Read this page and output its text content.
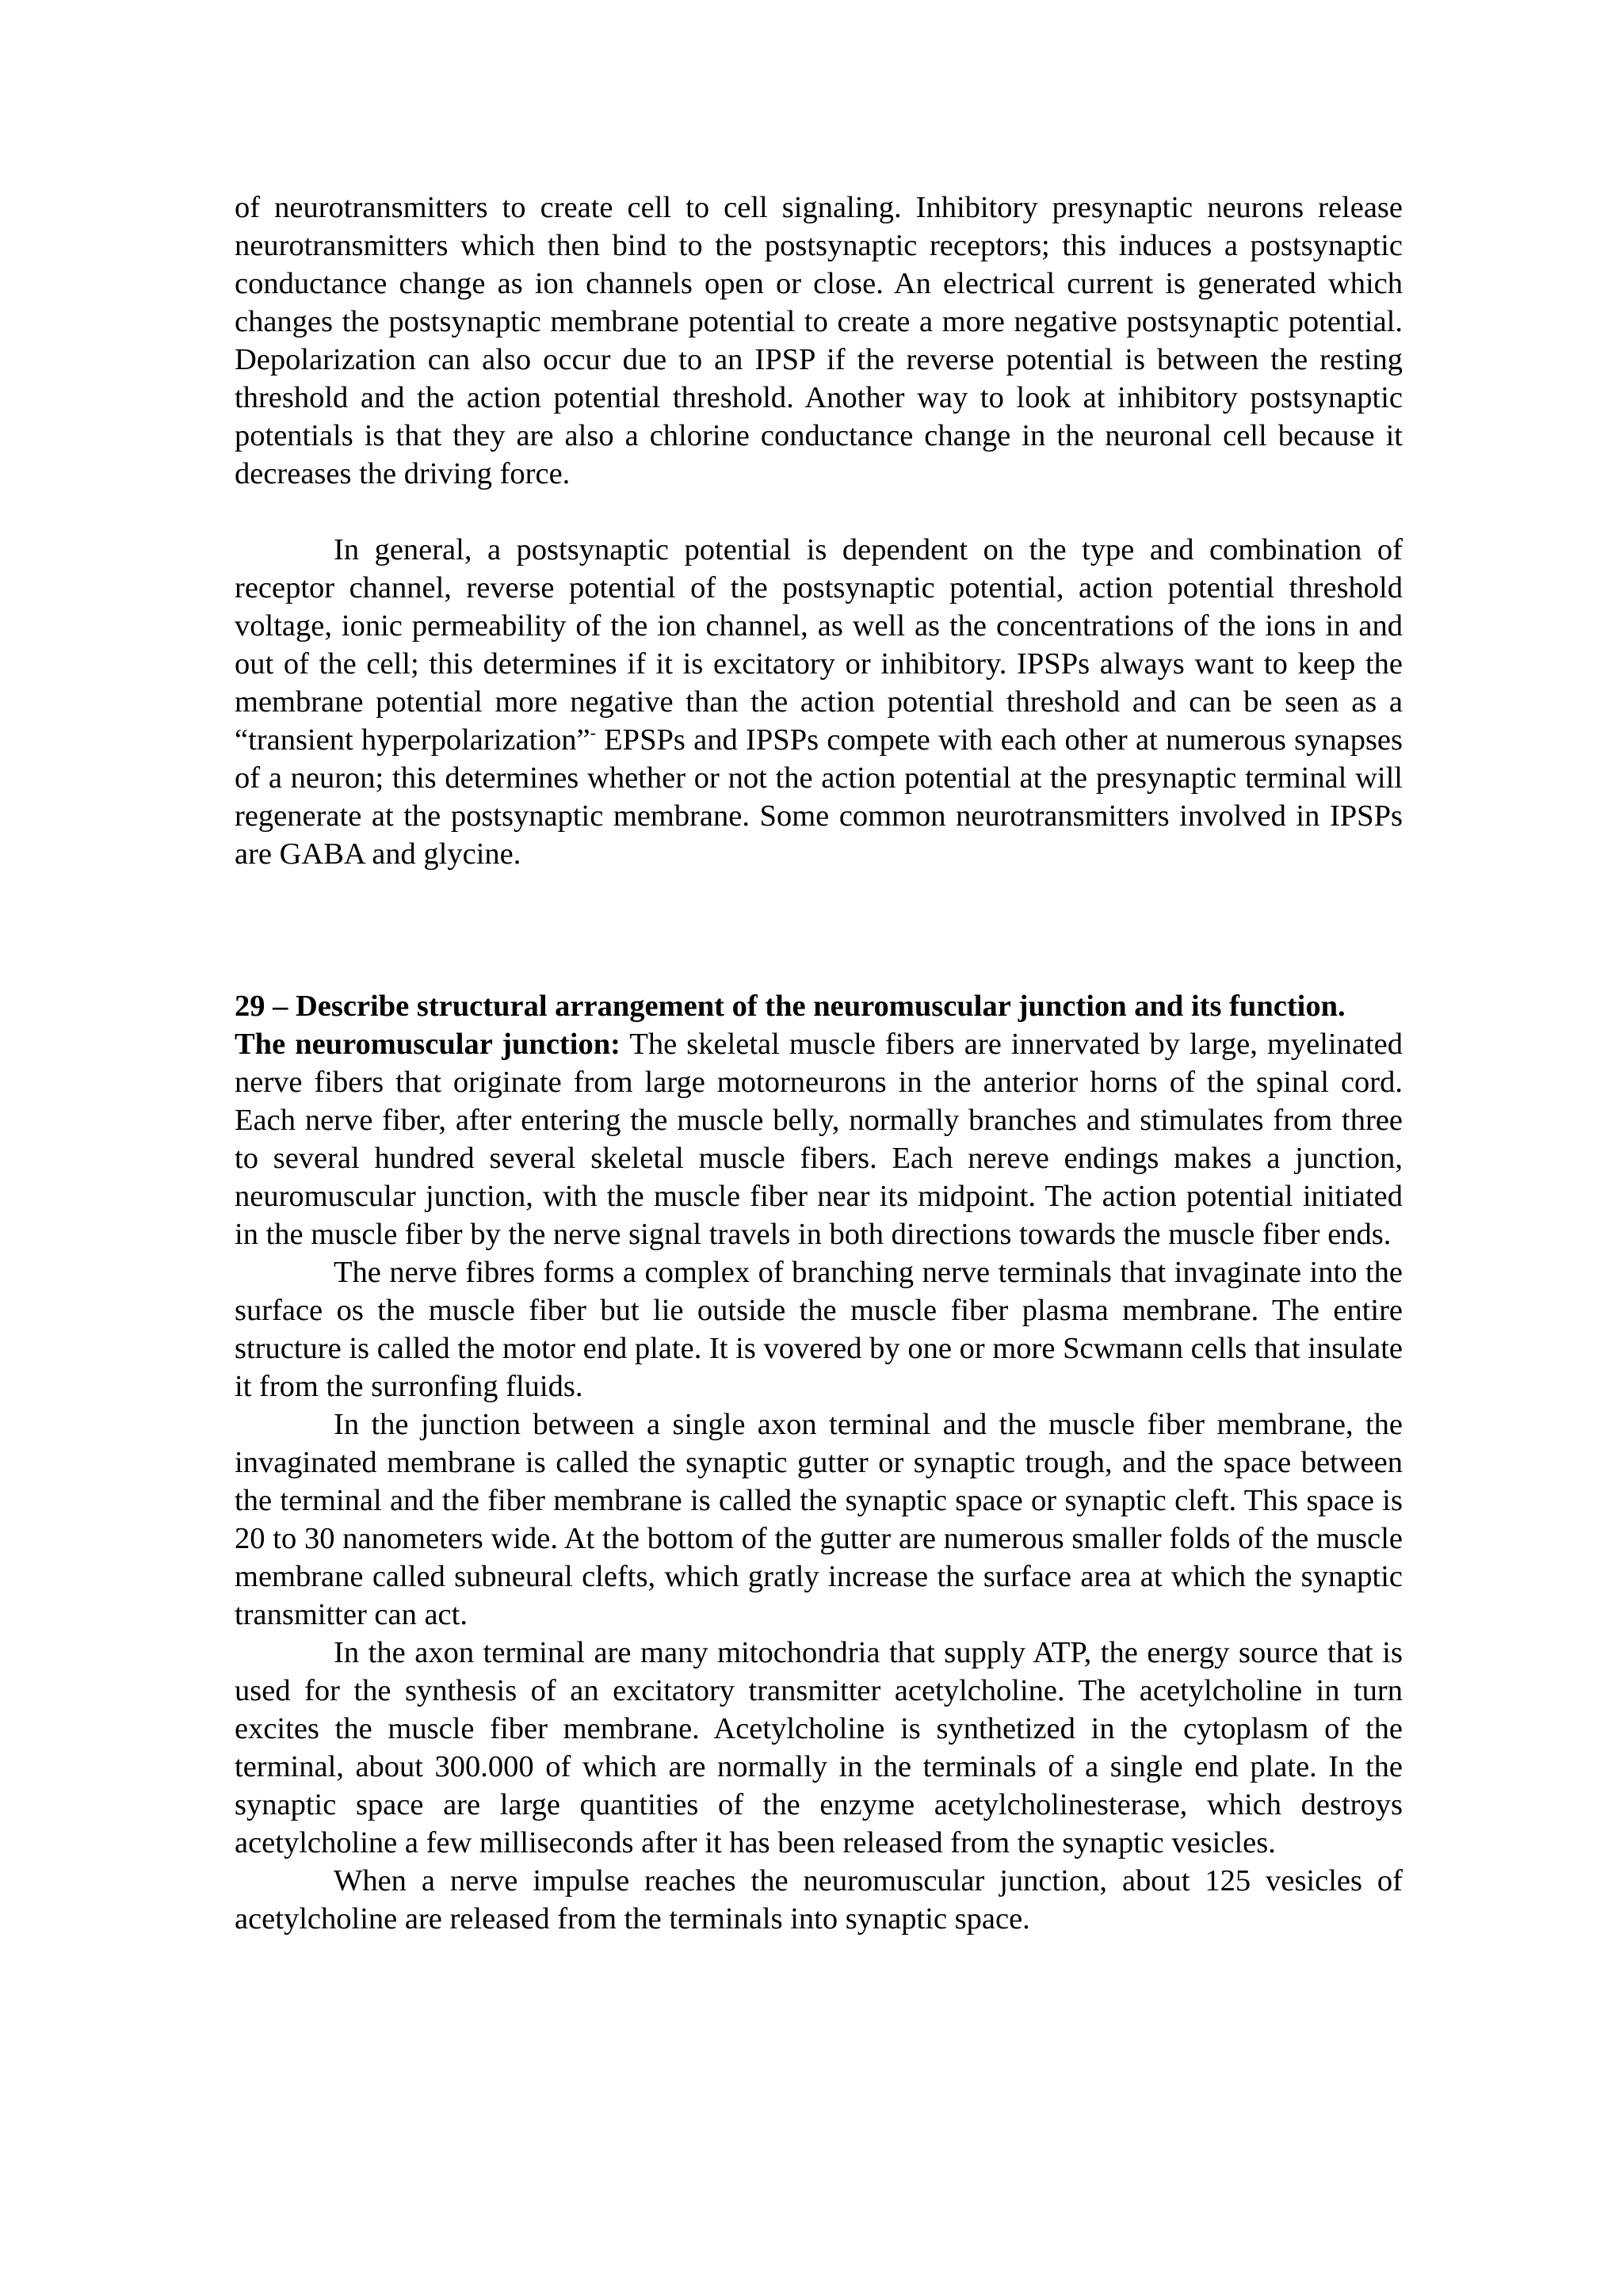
of neurotransmitters to create cell to cell signaling. Inhibitory presynaptic neurons release neurotransmitters which then bind to the postsynaptic receptors; this induces a postsynaptic conductance change as ion channels open or close. An electrical current is generated which changes the postsynaptic membrane potential to create a more negative postsynaptic potential. Depolarization can also occur due to an IPSP if the reverse potential is between the resting threshold and the action potential threshold. Another way to look at inhibitory postsynaptic potentials is that they are also a chlorine conductance change in the neuronal cell because it decreases the driving force.

In general, a postsynaptic potential is dependent on the type and combination of receptor channel, reverse potential of the postsynaptic potential, action potential threshold voltage, ionic permeability of the ion channel, as well as the concentrations of the ions in and out of the cell; this determines if it is excitatory or inhibitory. IPSPs always want to keep the membrane potential more negative than the action potential threshold and can be seen as a “transient hyperpolarization”- EPSPs and IPSPs compete with each other at numerous synapses of a neuron; this determines whether or not the action potential at the presynaptic terminal will regenerate at the postsynaptic membrane. Some common neurotransmitters involved in IPSPs are GABA and glycine.

29 – Describe structural arrangement of the neuromuscular junction and its function.

The neuromuscular junction: The skeletal muscle fibers are innervated by large, myelinated nerve fibers that originate from large motorneurons in the anterior horns of the spinal cord. Each nerve fiber, after entering the muscle belly, normally branches and stimulates from three to several hundred several skeletal muscle fibers. Each nereve endings makes a junction, neuromuscular junction, with the muscle fiber near its midpoint. The action potential initiated in the muscle fiber by the nerve signal travels in both directions towards the muscle fiber ends.

The nerve fibres forms a complex of branching nerve terminals that invaginate into the surface os the muscle fiber but lie outside the muscle fiber plasma membrane. The entire structure is called the motor end plate. It is vovered by one or more Scwmann cells that insulate it from the surronfing fluids.

In the junction between a single axon terminal and the muscle fiber membrane, the invaginated membrane is called the synaptic gutter or synaptic trough, and the space between the terminal and the fiber membrane is called the synaptic space or synaptic cleft. This space is 20 to 30 nanometers wide. At the bottom of the gutter are numerous smaller folds of the muscle membrane called subneural clefts, which gratly increase the surface area at which the synaptic transmitter can act.

In the axon terminal are many mitochondria that supply ATP, the energy source that is used for the synthesis of an excitatory transmitter acetylcholine. The acetylcholine in turn excites the muscle fiber membrane. Acetylcholine is synthetized in the cytoplasm of the terminal, about 300.000 of which are normally in the terminals of a single end plate. In the synaptic space are large quantities of the enzyme acetylcholinesterase, which destroys acetylcholine a few milliseconds after it has been released from the synaptic vesicles.

When a nerve impulse reaches the neuromuscular junction, about 125 vesicles of acetylcholine are released from the terminals into synaptic space.
